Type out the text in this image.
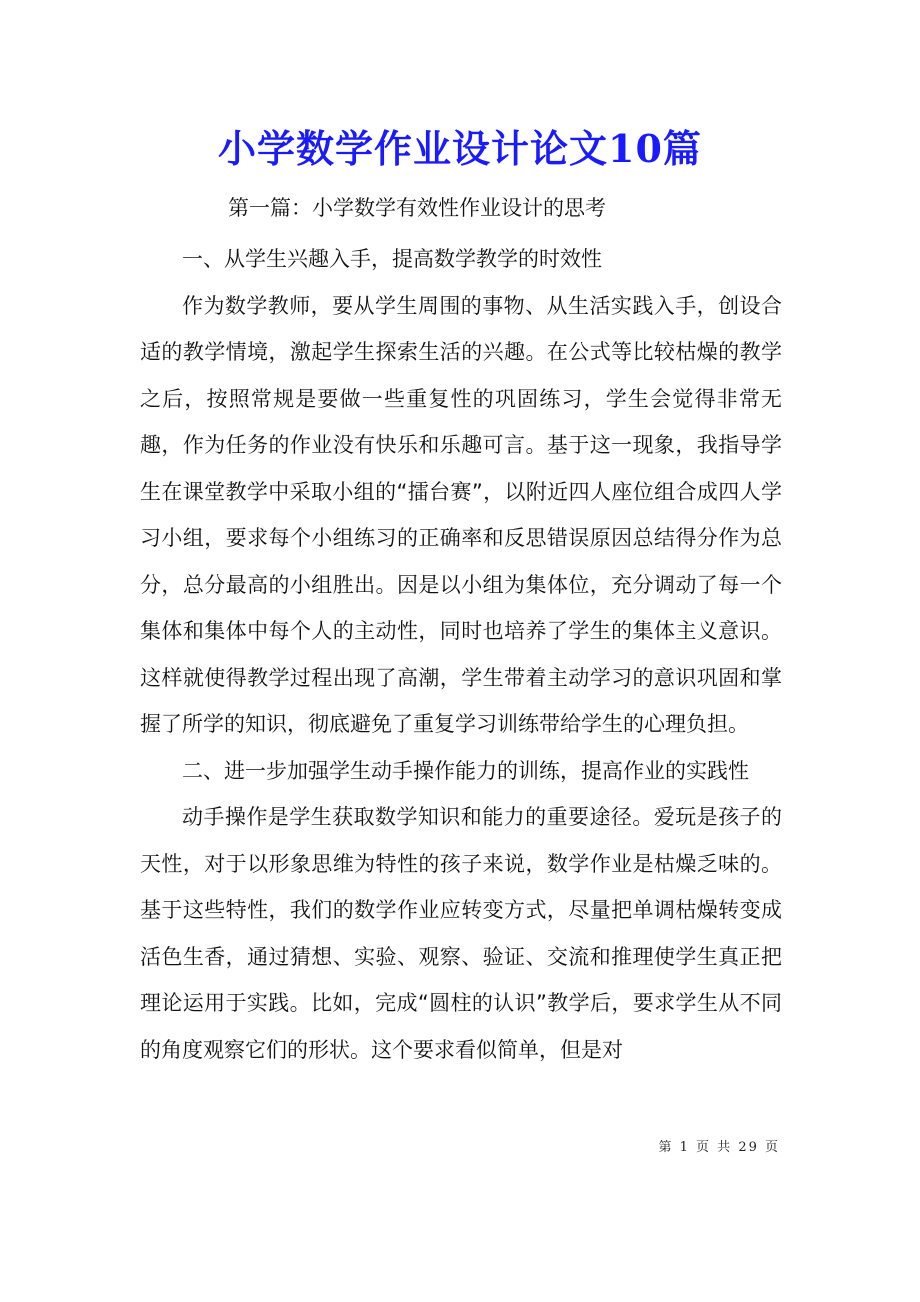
小学数学作业设计论文10篇
第一篇：小学数学有效性作业设计的思考

一、从学生兴趣入手，提高数学教学的时效性

作为数学教师，要从学生周围的事物、从生活实践入手，创设合适的教学情境，激起学生探索生活的兴趣。在公式等比较枯燥的教学之后，按照常规是要做一些重复性的巩固练习，学生会觉得非常无趣，作为任务的作业没有快乐和乐趣可言。基于这一现象，我指导学生在课堂教学中采取小组的“擂台赛”，以附近四人座位组合成四人学习小组，要求每个小组练习的正确率和反思错误原因总结得分作为总分，总分最高的小组胜出。因是以小组为集体位，充分调动了每一个集体和集体中每个人的主动性，同时也培养了学生的集体主义意识。这样就使得教学过程出现了高潮，学生带着主动学习的意识巩固和掌握了所学的知识，彻底避免了重复学习训练带给学生的心理负担。

二、进一步加强学生动手操作能力的训练，提高作业的实践性

动手操作是学生获取数学知识和能力的重要途径。爱玩是孩子的天性，对于以形象思维为特性的孩子来说，数学作业是枯燥乏味的。基于这些特性，我们的数学作业应转变方式，尽量把单调枯燥转变成活色生香，通过猜想、实验、观察、验证、交流和推理使学生真正把理论运用于实践。比如，完成“圆柱的认识”教学后，要求学生从不同的角度观察它们的形状。这个要求看似简单，但是对

第 1 页 共 29 页
